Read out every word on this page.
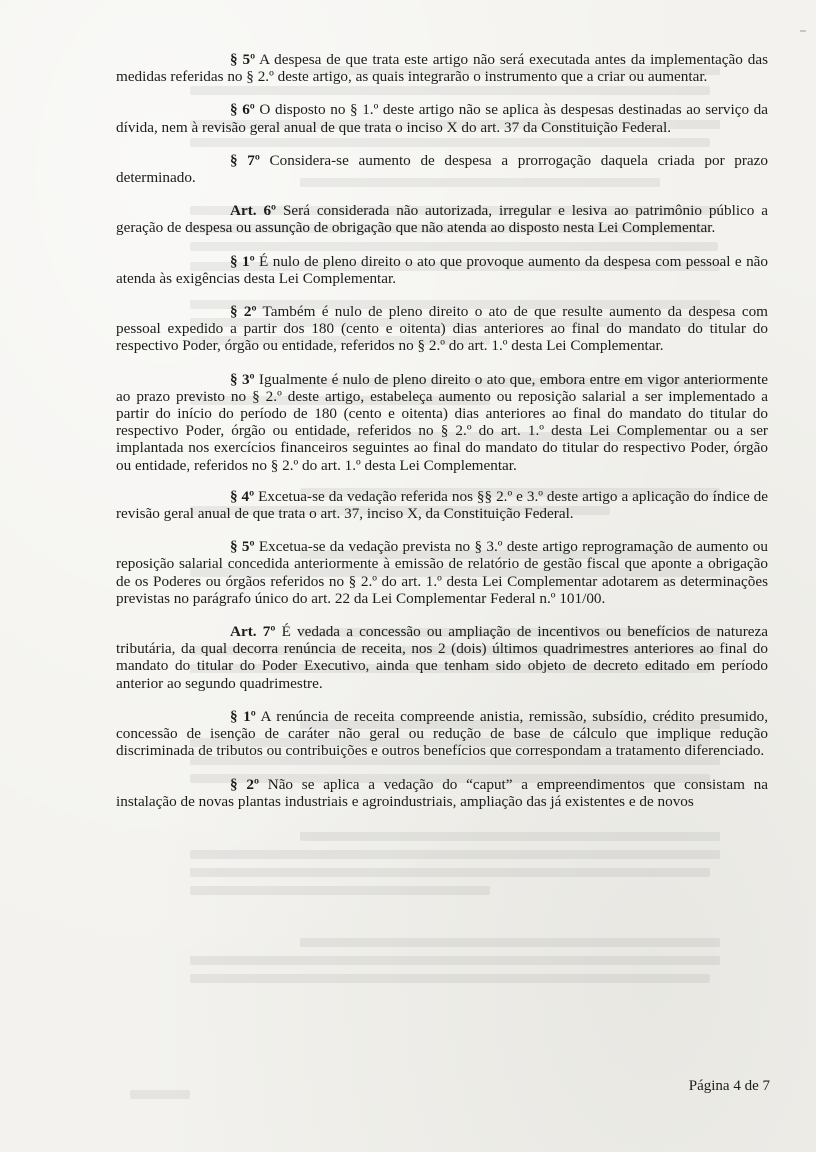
§ 5º A despesa de que trata este artigo não será executada antes da implementação das medidas referidas no § 2.º deste artigo, as quais integrarão o instrumento que a criar ou aumentar.

§ 6º O disposto no § 1.º deste artigo não se aplica às despesas destinadas ao serviço da dívida, nem à revisão geral anual de que trata o inciso X do art. 37 da Constituição Federal.

§ 7º Considera-se aumento de despesa a prorrogação daquela criada por prazo determinado.

Art. 6º Será considerada não autorizada, irregular e lesiva ao patrimônio público a geração de despesa ou assunção de obrigação que não atenda ao disposto nesta Lei Complementar.

§ 1º É nulo de pleno direito o ato que provoque aumento da despesa com pessoal e não atenda às exigências desta Lei Complementar.

§ 2º Também é nulo de pleno direito o ato de que resulte aumento da despesa com pessoal expedido a partir dos 180 (cento e oitenta) dias anteriores ao final do mandato do titular do respectivo Poder, órgão ou entidade, referidos no § 2.º do art. 1.º desta Lei Complementar.

§ 3º Igualmente é nulo de pleno direito o ato que, embora entre em vigor anteriormente ao prazo previsto no § 2.º deste artigo, estabeleça aumento ou reposição salarial a ser implementado a partir do início do período de 180 (cento e oitenta) dias anteriores ao final do mandato do titular do respectivo Poder, órgão ou entidade, referidos no § 2.º do art. 1.º desta Lei Complementar ou a ser implantada nos exercícios financeiros seguintes ao final do mandato do titular do respectivo Poder, órgão ou entidade, referidos no § 2.º do art. 1.º desta Lei Complementar.

§ 4º Excetua-se da vedação referida nos §§ 2.º e 3.º deste artigo a aplicação do índice de revisão geral anual de que trata o art. 37, inciso X, da Constituição Federal.

§ 5º Excetua-se da vedação prevista no § 3.º deste artigo reprogramação de aumento ou reposição salarial concedida anteriormente à emissão de relatório de gestão fiscal que aponte a obrigação de os Poderes ou órgãos referidos no § 2.º do art. 1.º desta Lei Complementar adotarem as determinações previstas no parágrafo único do art. 22 da Lei Complementar Federal n.º 101/00.

Art. 7º É vedada a concessão ou ampliação de incentivos ou benefícios de natureza tributária, da qual decorra renúncia de receita, nos 2 (dois) últimos quadrimestres anteriores ao final do mandato do titular do Poder Executivo, ainda que tenham sido objeto de decreto editado em período anterior ao segundo quadrimestre.

§ 1º A renúncia de receita compreende anistia, remissão, subsídio, crédito presumido, concessão de isenção de caráter não geral ou redução de base de cálculo que implique redução discriminada de tributos ou contribuições e outros benefícios que correspondam a tratamento diferenciado.

§ 2º Não se aplica a vedação do “caput” a empreendimentos que consistam na instalação de novas plantas industriais e agroindustriais, ampliação das já existentes e de novos

Página 4 de 7
